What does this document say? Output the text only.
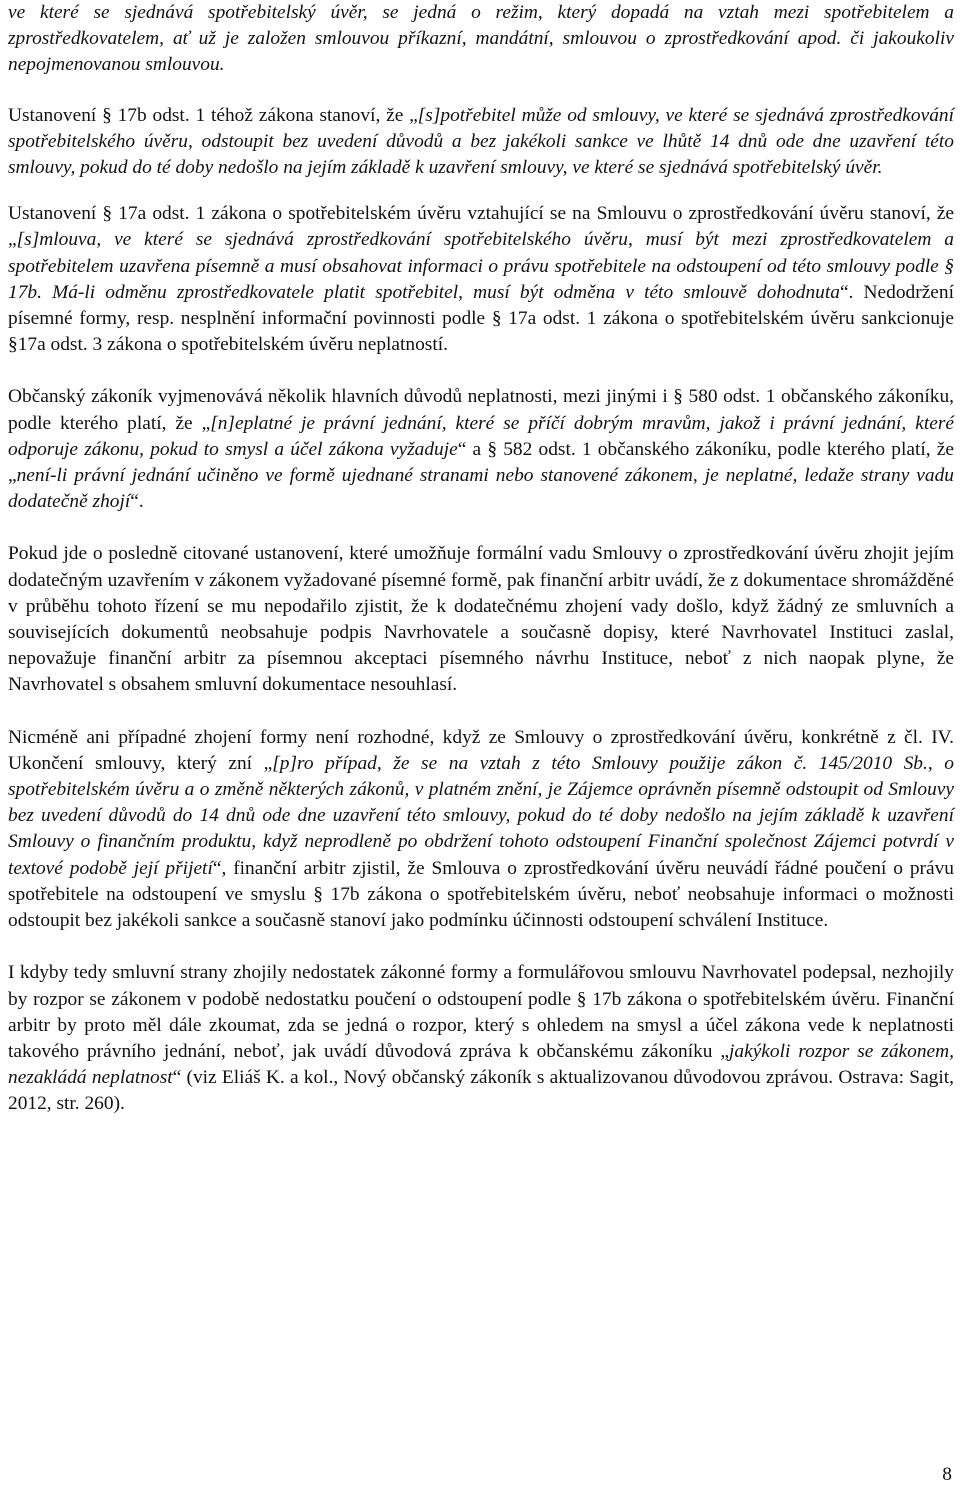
ve které se sjednává spotřebitelský úvěr, se jedná o režim, který dopadá na vztah mezi spotřebitelem a zprostředkovatelem, ať už je založen smlouvou příkazní, mandátní, smlouvou o zprostředkování apod. či jakoukoliv nepojmenovanou smlouvou.

Ustanovení § 17b odst. 1 téhož zákona stanoví, že „[s]potřebitel může od smlouvy, ve které se sjednává zprostředkování spotřebitelského úvěru, odstoupit bez uvedení důvodů a bez jakékoli sankce ve lhůtě 14 dnů ode dne uzavření této smlouvy, pokud do té doby nedošlo na jejím základě k uzavření smlouvy, ve které se sjednává spotřebitelský úvěr.

Ustanovení § 17a odst. 1 zákona o spotřebitelském úvěru vztahující se na Smlouvu o zprostředkování úvěru stanoví, že „[s]mlouva, ve které se sjednává zprostředkování spotřebitelského úvěru, musí být mezi zprostředkovatelem a spotřebitelem uzavřena písemně a musí obsahovat informaci o právu spotřebitele na odstoupení od této smlouvy podle § 17b. Má-li odměnu zprostředkovatele platit spotřebitel, musí být odměna v této smlouvě dohodnuta“. Nedodržení písemné formy, resp. nesplnění informační povinnosti podle § 17a odst. 1 zákona o spotřebitelském úvěru sankcionuje §17a odst. 3 zákona o spotřebitelském úvěru neplatností.

Občanský zákoník vyjmenovává několik hlavních důvodů neplatnosti, mezi jinými i § 580 odst. 1 občanského zákoníku, podle kterého platí, že „[n]eplatné je právní jednání, které se příčí dobrým mravům, jakož i právní jednání, které odporuje zákonu, pokud to smysl a účel zákona vyžaduje“ a § 582 odst. 1 občanského zákoníku, podle kterého platí, že „není-li právní jednání učiněno ve formě ujednané stranami nebo stanovené zákonem, je neplatné, ledaže strany vadu dodatečně zhojí“.

Pokud jde o posledně citované ustanovení, které umožňuje formální vadu Smlouvy o zprostředkování úvěru zhojit jejím dodatečným uzavřením v zákonem vyžadované písemné formě, pak finanční arbitr uvádí, že z dokumentace shromážděné v průběhu tohoto řízení se mu nepodařilo zjistit, že k dodatečnému zhojení vady došlo, když žádný ze smluvních a souvisejících dokumentů neobsahuje podpis Navrhovatele a současně dopisy, které Navrhovatel Instituci zaslal, nepovažuje finanční arbitr za písemnou akceptaci písemného návrhu Instituce, neboť z nich naopak plyne, že Navrhovatel s obsahem smluvní dokumentace nesouhlasí.

Nicméně ani případné zhojení formy není rozhodné, když ze Smlouvy o zprostředkování úvěru, konkrétně z čl. IV. Ukončení smlouvy, který zní „[p]ro případ, že se na vztah z této Smlouvy použije zákon č. 145/2010 Sb., o spotřebitelském úvěru a o změně některých zákonů, v platném znění, je Zájemce oprávněn písemně odstoupit od Smlouvy bez uvedení důvodů do 14 dnů ode dne uzavření této smlouvy, pokud do té doby nedošlo na jejím základě k uzavření Smlouvy o finančním produktu, když neprodleně po obdržení tohoto odstoupení Finanční společnost Zájemci potvrdí v textové podobě její přijetí“, finanční arbitr zjistil, že Smlouva o zprostředkování úvěru neuvádí řádné poučení o právu spotřebitele na odstoupení ve smyslu § 17b zákona o spotřebitelském úvěru, neboť neobsahuje informaci o možnosti odstoupit bez jakékoli sankce a současně stanoví jako podmínku účinnosti odstoupení schválení Instituce.

I kdyby tedy smluvní strany zhojily nedostatek zákonné formy a formulářovou smlouvu Navrhovatel podepsal, nezhojily by rozpor se zákonem v podobě nedostatku poučení o odstoupení podle § 17b zákona o spotřebitelském úvěru. Finanční arbitr by proto měl dále zkoumat, zda se jedná o rozpor, který s ohledem na smysl a účel zákona vede k neplatnosti takového právního jednání, neboť, jak uvádí důvodová zpráva k občanskému zákoníku „jakýkoli rozpor se zákonem, nezakládá neplatnost“ (viz Eliáš K. a kol., Nový občanský zákoník s aktualizovanou důvodovou zprávou. Ostrava: Sagit, 2012, str. 260).

8
